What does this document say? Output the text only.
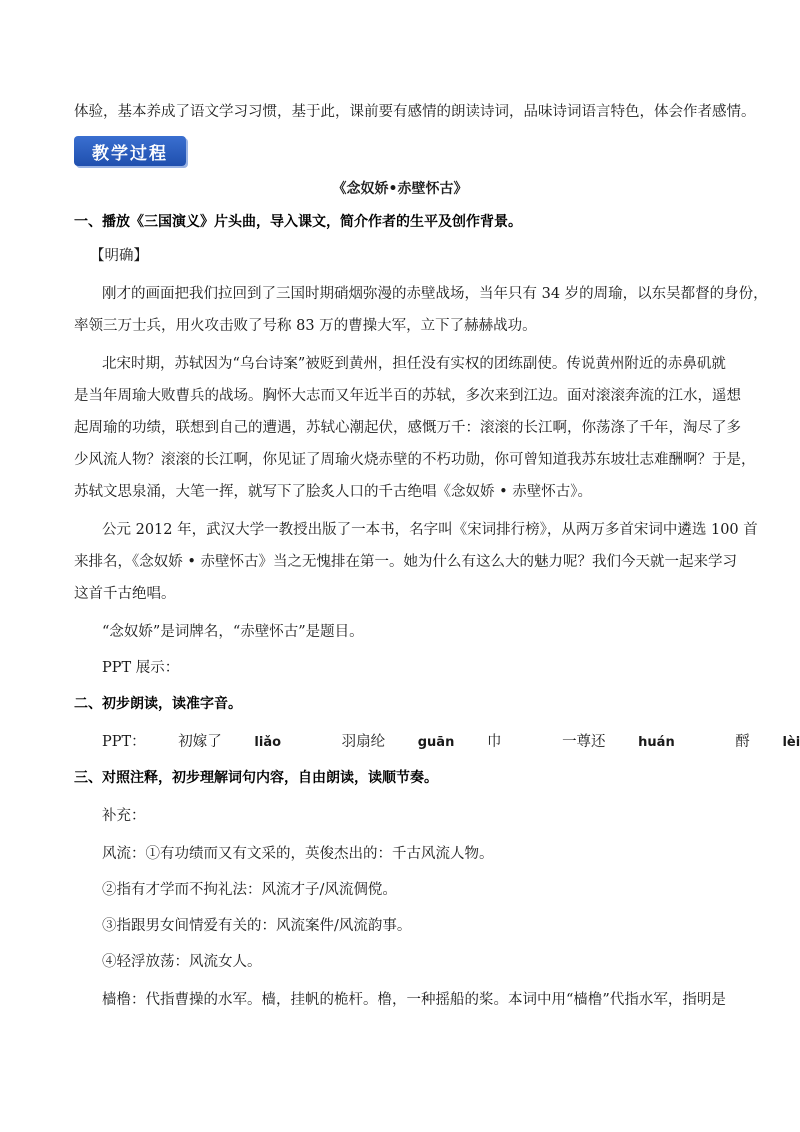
体验，基本养成了语文学习习惯，基于此，课前要有感情的朗读诗词，品味诗词语言特色，体会作者感情。
教学过程
《念奴娇•赤壁怀古》
一、播放《三国演义》片头曲，导入课文，简介作者的生平及创作背景。
【明确】
刚才的画面把我们拉回到了三国时期硝烟弥漫的赤壁战场，当年只有 34 岁的周瑜，以东吴都督的身份，
率领三万士兵，用火攻击败了号称 83 万的曹操大军，立下了赫赫战功。
北宋时期，苏轼因为“乌台诗案”被贬到黄州，担任没有实权的团练副使。传说黄州附近的赤鼻矶就
是当年周瑜大败曹兵的战场。胸怀大志而又年近半百的苏轼，多次来到江边。面对滚滚奔流的江水，遥想
起周瑜的功绩，联想到自己的遭遇，苏轼心潮起伏，感慨万千：滚滚的长江啊，你荡涤了千年，淘尽了多
少风流人物？滚滚的长江啊，你见证了周瑜火烧赤壁的不朽功勋，你可曾知道我苏东坡壮志难酬啊？于是，
苏轼文思泉涌，大笔一挥，就写下了脍炙人口的千古绝唱《念奴娇 • 赤壁怀古》。
公元 2012 年，武汉大学一教授出版了一本书，名字叫《宋词排行榜》，从两万多首宋词中遴选 100 首
来排名，《念奴娇 • 赤壁怀古》当之无愧排在第一。她为什么有这么大的魅力呢？我们今天就一起来学习
这首千古绝唱。
“念奴娇”是词牌名，“赤壁怀古”是题目。
PPT 展示：
二、初步朗读，读准字音。
PPT： 初嫁了	liǎo	羽扇纶	guān 巾	一尊还	huán	酹	lèi
三、对照注释，初步理解词句内容，自由朗读，读顺节奏。
补充：
风流：①有功绩而又有文采的，英俊杰出的：千古风流人物。
②指有才学而不拘礼法：风流才子/风流倜傥。
③指跟男女间情爱有关的：风流案件/风流韵事。
④轻浮放荡：风流女人。
樯橹：代指曹操的水军。樯，挂帆的桅杆。橹，一种摇船的桨。本词中用“樯橹”代指水军，指明是
